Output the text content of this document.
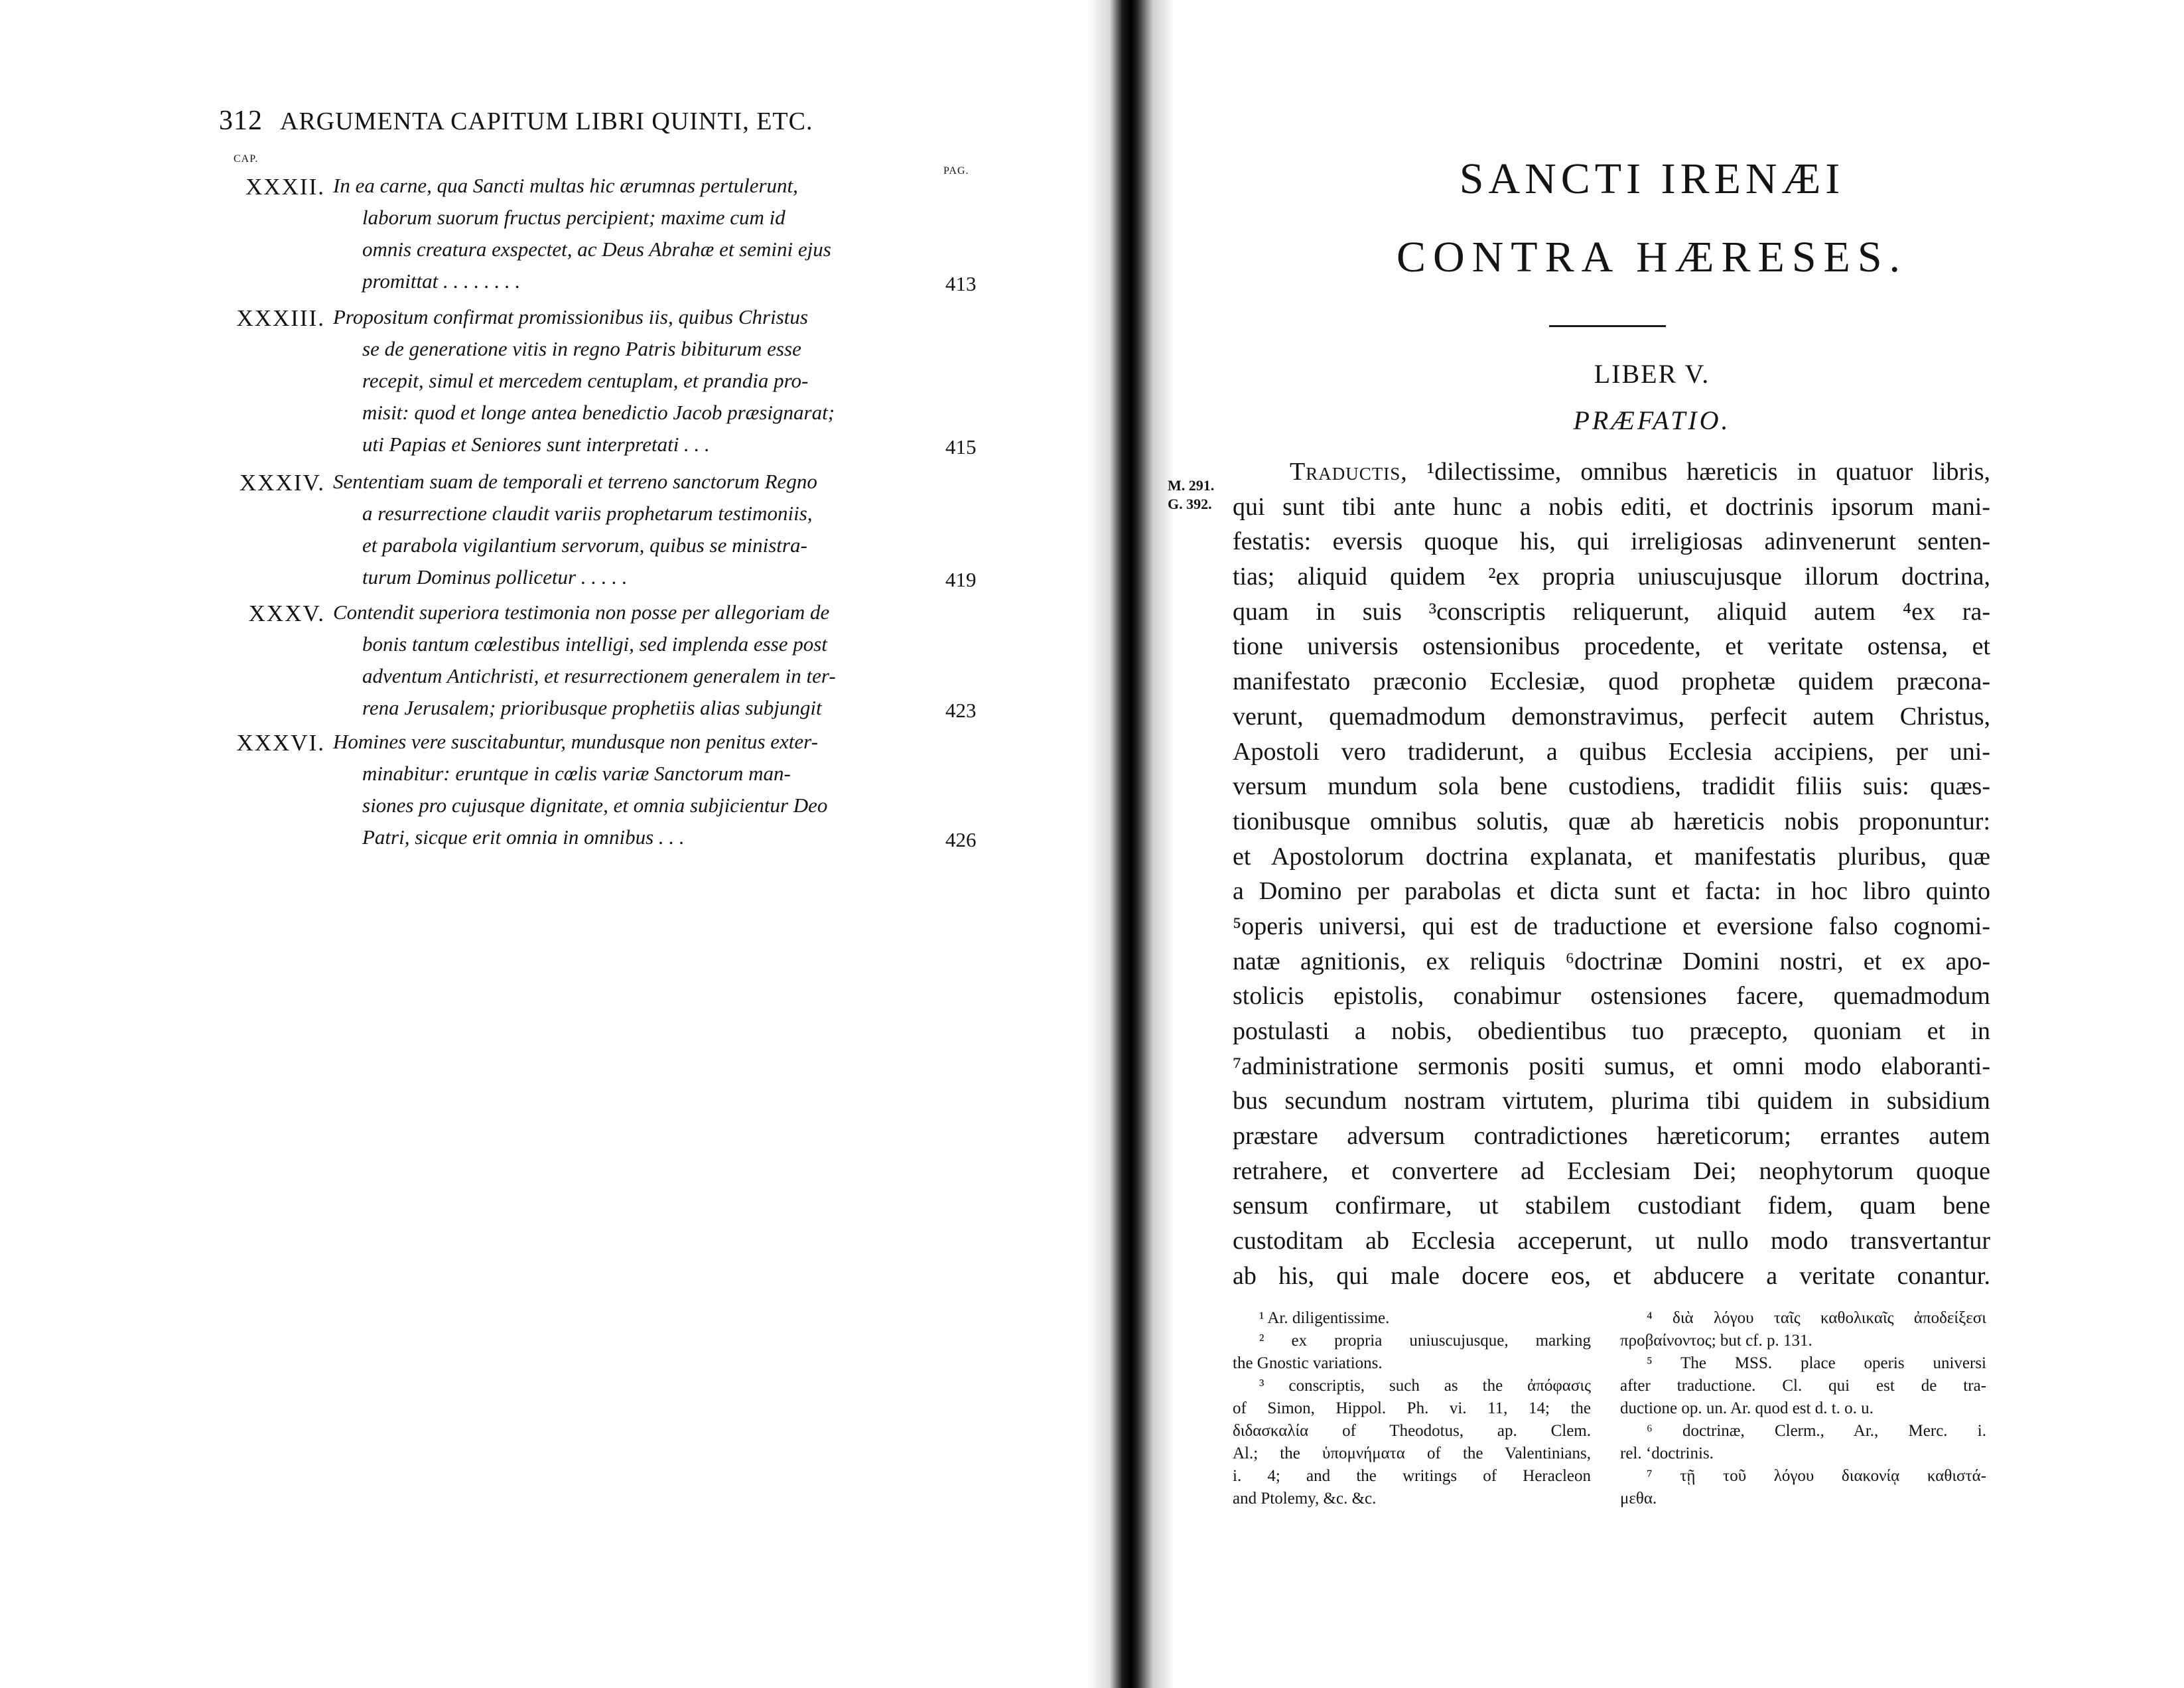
312 ARGUMENTA CAPITUM LIBRI QUINTI, ETC.
CAP.
PAG.
XXXII. In ea carne, qua Sancti multas hic ærumnas pertulerunt,
laborum suorum fructus percipient; maxime cum id
omnis creatura exspectet, ac Deus Abrahæ et semini ejus
promittat . . . . . . . .	413
XXXIII. Propositum confirmat promissionibus iis, quibus Christus
se de generatione vitis in regno Patris bibiturum esse
recepit, simul et mercedem centuplam, et prandia pro-
misit: quod et longe antea benedictio Jacob præsignarat;
uti Papias et Seniores sunt interpretati . . .	415
XXXIV. Sententiam suam de temporali et terreno sanctorum Regno
a resurrectione claudit variis prophetarum testimoniis,
et parabola vigilantium servorum, quibus se ministra-
turum Dominus pollicetur . . . . .	419
XXXV. Contendit superiora testimonia non posse per allegoriam de
bonis tantum cœlestibus intelligi, sed implenda esse post
adventum Antichristi, et resurrectionem generalem in ter-
rena Jerusalem; prioribusque prophetiis alias subjungit	423
XXXVI. Homines vere suscitabuntur, mundusque non penitus exter-
minabitur: eruntque in cœlis variæ Sanctorum man-
siones pro cujusque dignitate, et omnia subjicientur Deo
Patri, sicque erit omnia in omnibus . . .	426
SANCTI IRENÆI
CONTRA HÆRESES.
LIBER V.
PRÆFATIO.
M. 291.
G. 392.
Traductis, ¹dilectissime, omnibus hæreticis in quatuor libris,
qui sunt tibi ante hunc a nobis editi, et doctrinis ipsorum mani-
festatis: eversis quoque his, qui irreligiosas adinvenerunt senten-
tias; aliquid quidem ²ex propria uniuscujusque illorum doctrina,
quam in suis ³conscriptis reliquerunt, aliquid autem ⁴ex ra-
tione universis ostensionibus procedente, et veritate ostensa, et
manifestato præconio Ecclesiæ, quod prophetæ quidem præcona-
verunt, quemadmodum demonstravimus, perfecit autem Christus,
Apostoli vero tradiderunt, a quibus Ecclesia accipiens, per uni-
versum mundum sola bene custodiens, tradidit filiis suis: quæs-
tionibusque omnibus solutis, quæ ab hæreticis nobis proponuntur:
et Apostolorum doctrina explanata, et manifestatis pluribus, quæ
a Domino per parabolas et dicta sunt et facta: in hoc libro quinto
⁵operis universi, qui est de traductione et eversione falso cognomi-
natæ agnitionis, ex reliquis ⁶doctrinæ Domini nostri, et ex apo-
stolicis epistolis, conabimur ostensiones facere, quemadmodum
postulasti a nobis, obedientibus tuo præcepto, quoniam et in
⁷administratione sermonis positi sumus, et omni modo elaboranti-
bus secundum nostram virtutem, plurima tibi quidem in subsidium
præstare adversum contradictiones hæreticorum; errantes autem
retrahere, et convertere ad Ecclesiam Dei; neophytorum quoque
sensum confirmare, ut stabilem custodiant fidem, quam bene
custoditam ab Ecclesia acceperunt, ut nullo modo transvertantur
ab his, qui male docere eos, et abducere a veritate conantur.
¹ Ar. diligentissime.
² ex propria uniuscujusque, marking
the Gnostic variations.
³ conscriptis, such as the ἀπόφασις
of Simon, Hippol. Ph. vi. 11, 14; the
διδασκαλία of Theodotus, ap. Clem.
Al.; the ὑπομνήματα of the Valentinians,
i. 4; and the writings of Heracleon
and Ptolemy, &c. &c.
⁴ διὰ λόγου ταῖς καθολικαῖς ἀποδείξεσι
προβαίνοντος; but cf. p. 131.
⁵ The MSS. place operis universi
after traductione. Cl. qui est de tra-
ductione op. un. Ar. quod est d. t. o. u.
⁶ doctrinæ, Clerm., Ar., Merc. i.
rel. ‘doctrinis.
⁷ τῇ τοῦ λόγου διακονίᾳ καθιστά-
μεθα.
